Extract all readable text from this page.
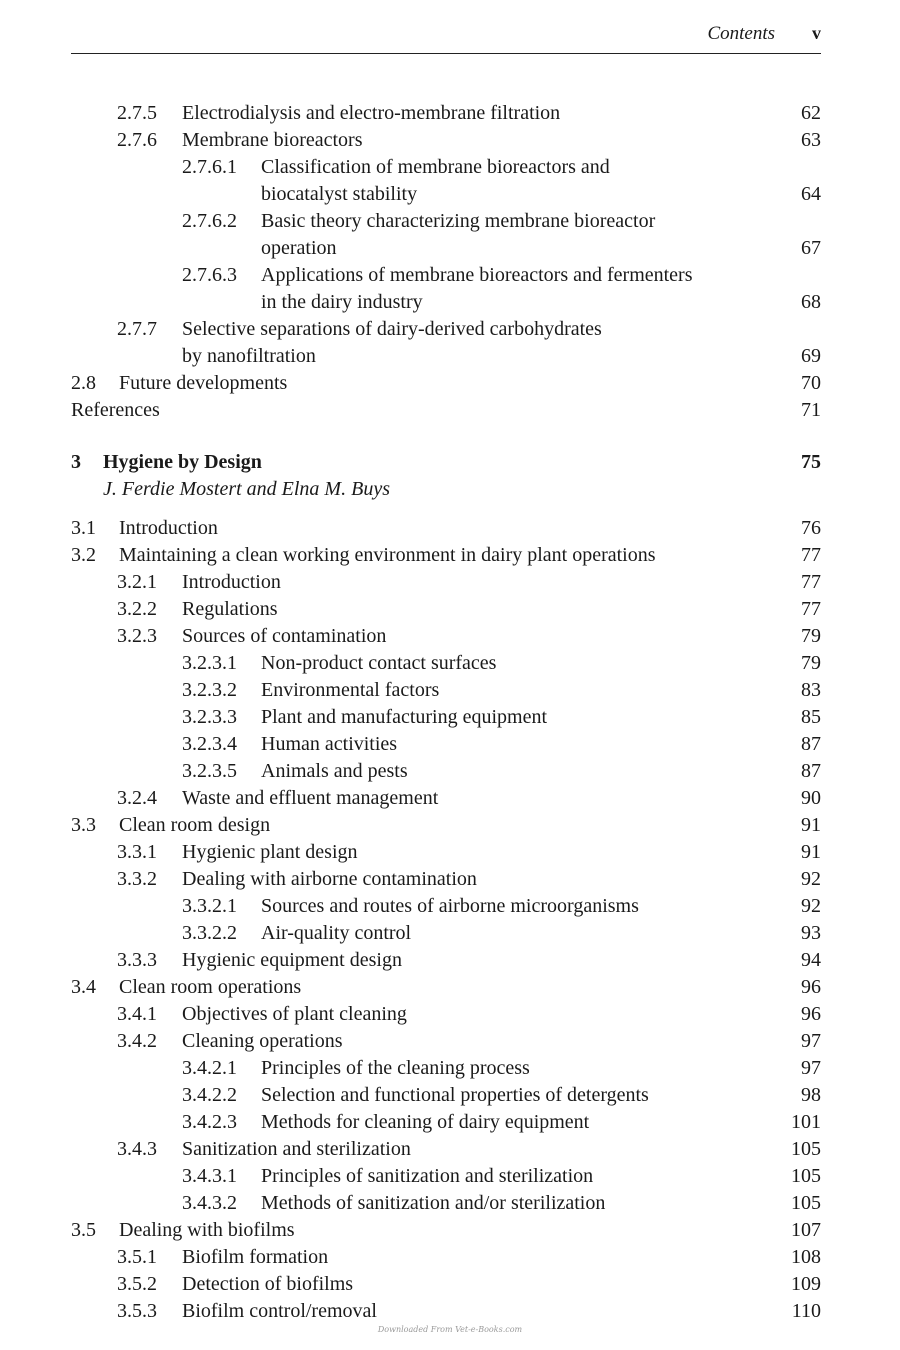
Contents v
2.7.5 Electrodialysis and electro-membrane filtration	62
2.7.6 Membrane bioreactors	63
2.7.6.1 Classification of membrane bioreactors and
biocatalyst stability	64
2.7.6.2 Basic theory characterizing membrane bioreactor
operation	67
2.7.6.3 Applications of membrane bioreactors and fermenters
in the dairy industry	68
2.7.7 Selective separations of dairy-derived carbohydrates
by nanofiltration	69
2.8 Future developments	70
References	71
3 Hygiene by Design	75
J. Ferdie Mostert and Elna M. Buys
3.1 Introduction	76
3.2 Maintaining a clean working environment in dairy plant operations	77
3.2.1 Introduction	77
3.2.2 Regulations	77
3.2.3 Sources of contamination	79
3.2.3.1 Non-product contact surfaces	79
3.2.3.2 Environmental factors	83
3.2.3.3 Plant and manufacturing equipment	85
3.2.3.4 Human activities	87
3.2.3.5 Animals and pests	87
3.2.4 Waste and effluent management	90
3.3 Clean room design	91
3.3.1 Hygienic plant design	91
3.3.2 Dealing with airborne contamination	92
3.3.2.1 Sources and routes of airborne microorganisms	92
3.3.2.2 Air-quality control	93
3.3.3 Hygienic equipment design	94
3.4 Clean room operations	96
3.4.1 Objectives of plant cleaning	96
3.4.2 Cleaning operations	97
3.4.2.1 Principles of the cleaning process	97
3.4.2.2 Selection and functional properties of detergents	98
3.4.2.3 Methods for cleaning of dairy equipment	101
3.4.3 Sanitization and sterilization	105
3.4.3.1 Principles of sanitization and sterilization	105
3.4.3.2 Methods of sanitization and/or sterilization	105
3.5 Dealing with biofilms	107
3.5.1 Biofilm formation	108
3.5.2 Detection of biofilms	109
3.5.3 Biofilm control/removal	110
Downloaded From Vet-e-Books.com
